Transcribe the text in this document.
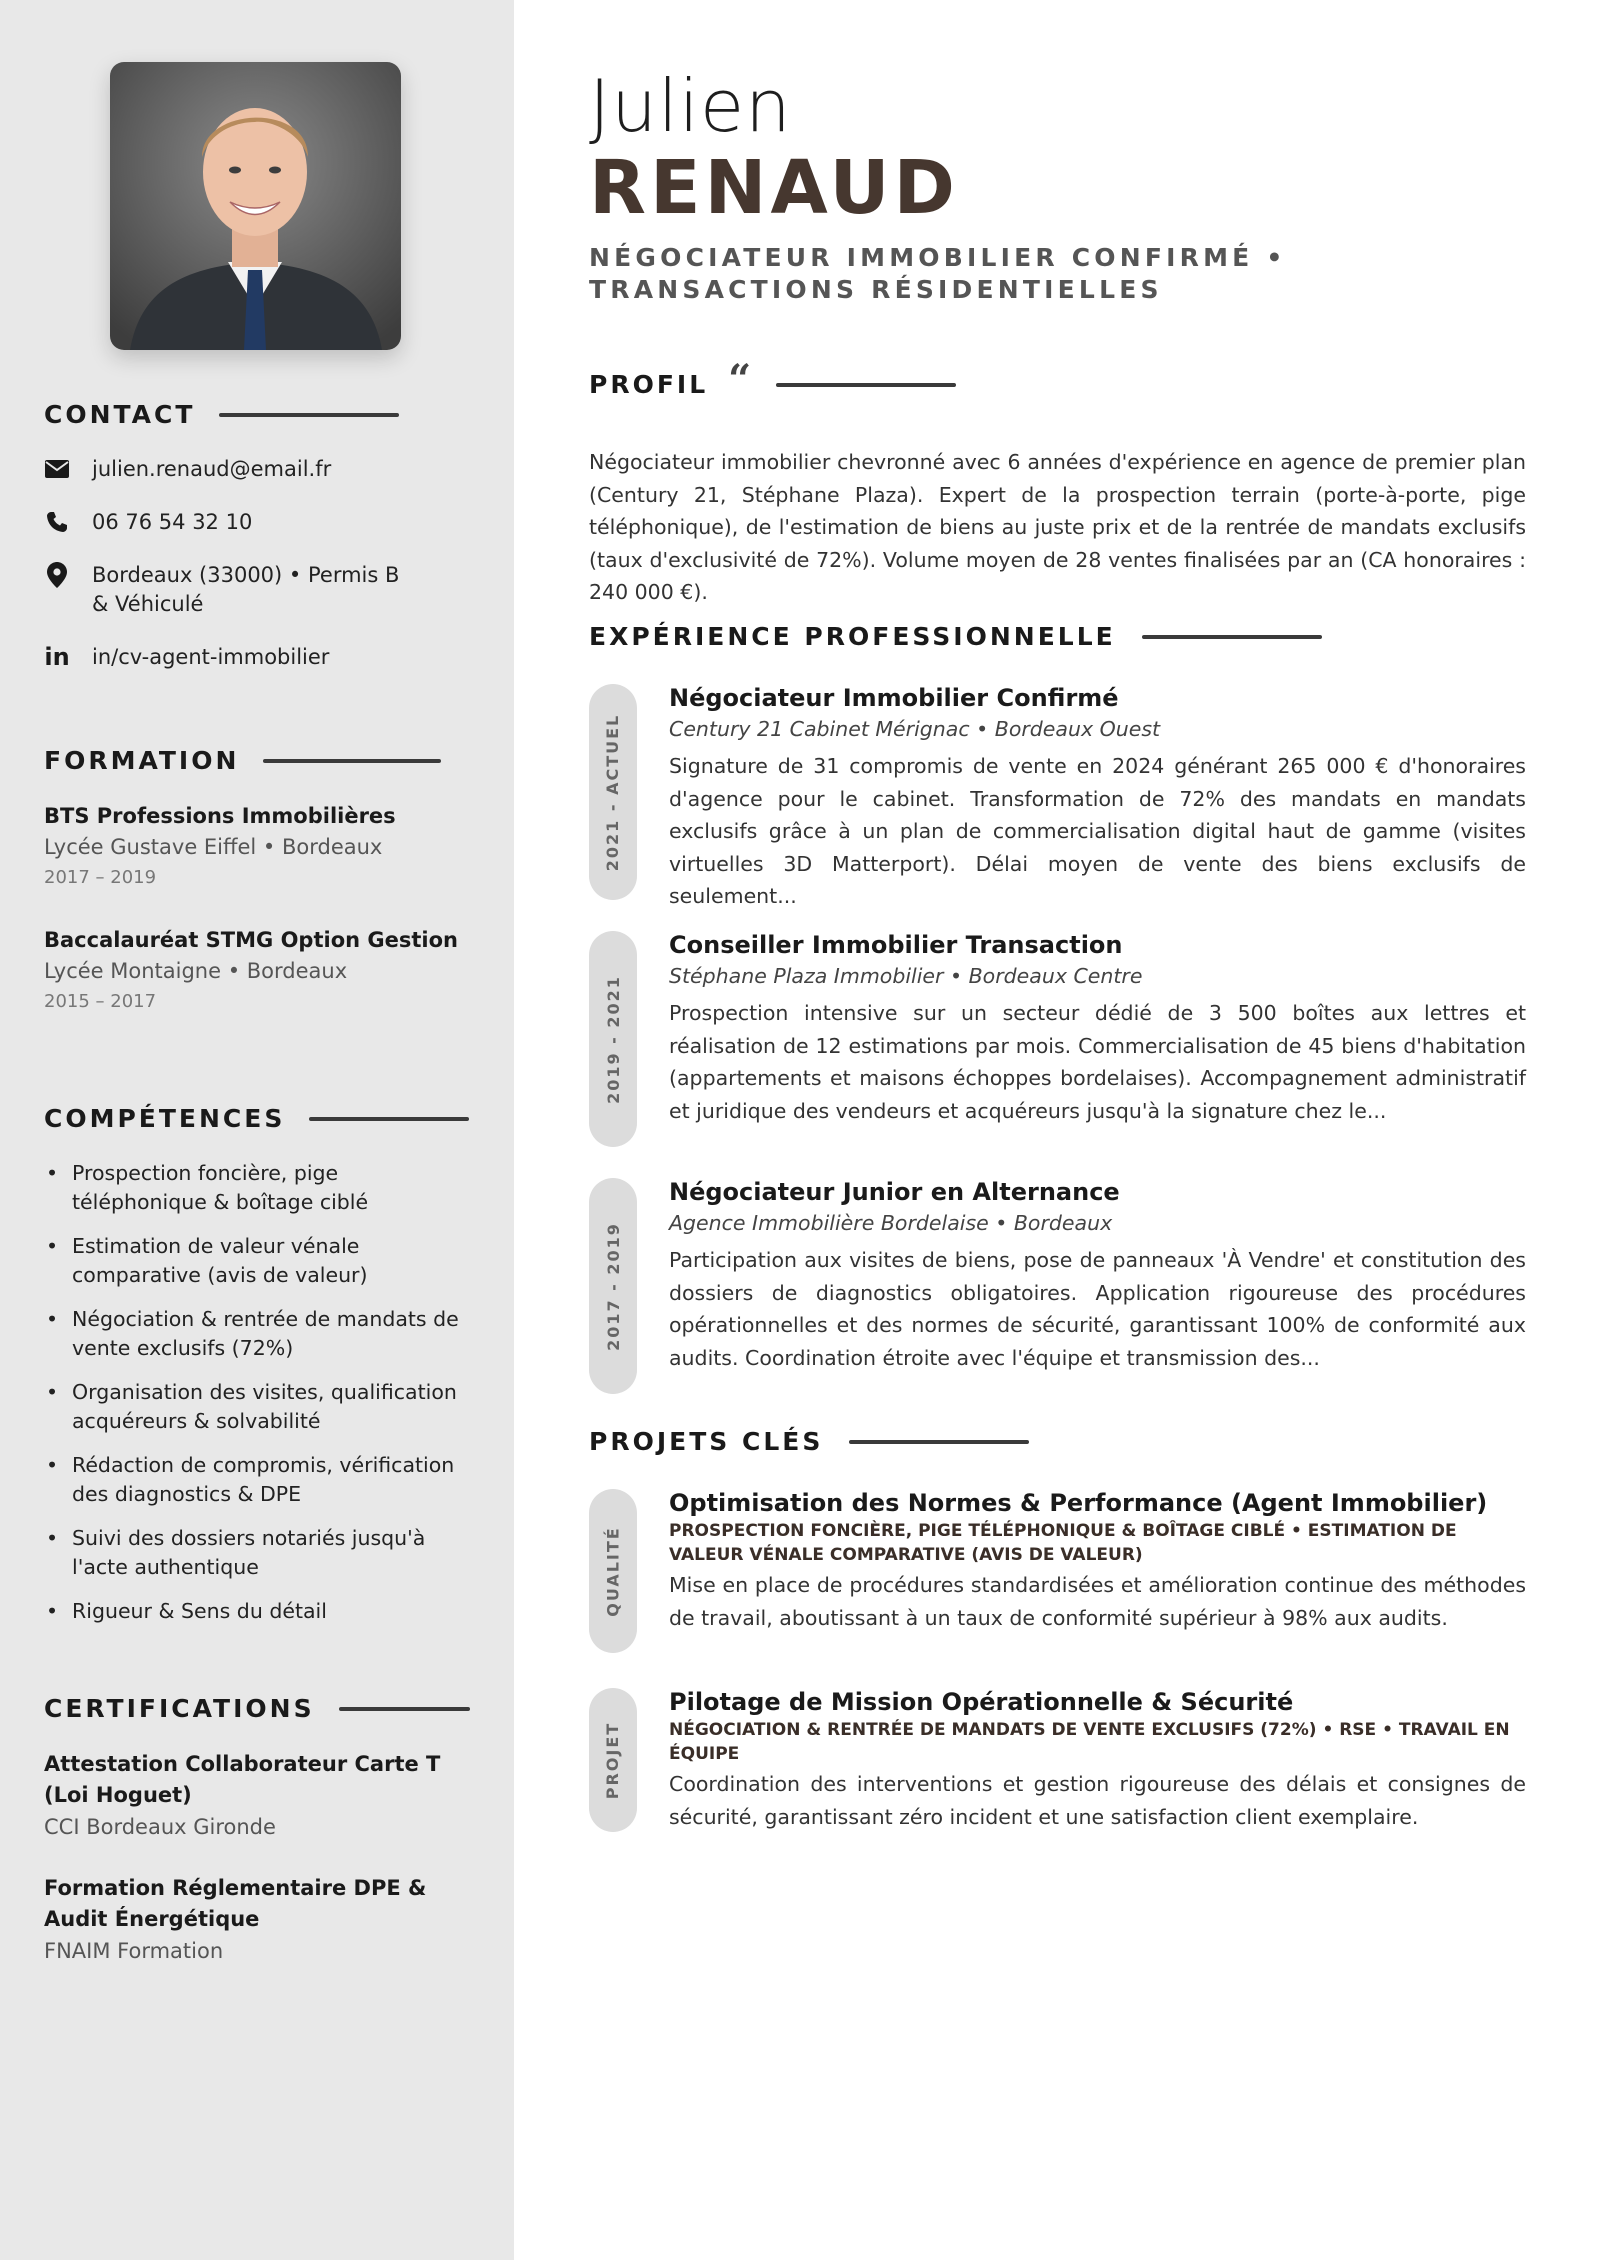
CONTACT
julien.renaud@email.fr
06 76 54 32 10
Bordeaux (33000) • Permis B & Véhiculé
in in/cv-agent-immobilier
FORMATION
BTS Professions Immobilières
Lycée Gustave Eiffel • Bordeaux
2017 – 2019
Baccalauréat STMG Option Gestion
Lycée Montaigne • Bordeaux
2015 – 2017
COMPÉTENCES
• Prospection foncière, pige téléphonique & boîtage ciblé
• Estimation de valeur vénale comparative (avis de valeur)
• Négociation & rentrée de mandats de vente exclusifs (72%)
• Organisation des visites, qualification acquéreurs & solvabilité
• Rédaction de compromis, vérification des diagnostics & DPE
• Suivi des dossiers notariés jusqu'à l'acte authentique
• Rigueur & Sens du détail
CERTIFICATIONS
Attestation Collaborateur Carte T (Loi Hoguet)
CCI Bordeaux Gironde
Formation Réglementaire DPE & Audit Énergétique
FNAIM Formation
Julien
RENAUD
NÉGOCIATEUR IMMOBILIER CONFIRMÉ •
TRANSACTIONS RÉSIDENTIELLES
PROFIL “
Négociateur immobilier chevronné avec 6 années d'expérience en agence de premier plan (Century 21, Stéphane Plaza). Expert de la prospection terrain (porte-à-porte, pige téléphonique), de l'estimation de biens au juste prix et de la rentrée de mandats exclusifs (taux d'exclusivité de 72%). Volume moyen de 28 ventes finalisées par an (CA honoraires : 240 000 €).
EXPÉRIENCE PROFESSIONNELLE
2021 - ACTUEL
Négociateur Immobilier Confirmé
Century 21 Cabinet Mérignac • Bordeaux Ouest
Signature de 31 compromis de vente en 2024 générant 265 000 € d'honoraires d'agence pour le cabinet. Transformation de 72% des mandats en mandats exclusifs grâce à un plan de commercialisation digital haut de gamme (visites virtuelles 3D Matterport). Délai moyen de vente des biens exclusifs de seulement...
2019 - 2021
Conseiller Immobilier Transaction
Stéphane Plaza Immobilier • Bordeaux Centre
Prospection intensive sur un secteur dédié de 3 500 boîtes aux lettres et réalisation de 12 estimations par mois. Commercialisation de 45 biens d'habitation (appartements et maisons échoppes bordelaises). Accompagnement administratif et juridique des vendeurs et acquéreurs jusqu'à la signature chez le...
2017 - 2019
Négociateur Junior en Alternance
Agence Immobilière Bordelaise • Bordeaux
Participation aux visites de biens, pose de panneaux 'À Vendre' et constitution des dossiers de diagnostics obligatoires. Application rigoureuse des procédures opérationnelles et des normes de sécurité, garantissant 100% de conformité aux audits. Coordination étroite avec l'équipe et transmission des...
PROJETS CLÉS
QUALITÉ
Optimisation des Normes & Performance (Agent Immobilier)
PROSPECTION FONCIÈRE, PIGE TÉLÉPHONIQUE & BOÎTAGE CIBLÉ • ESTIMATION DE VALEUR VÉNALE COMPARATIVE (AVIS DE VALEUR)
Mise en place de procédures standardisées et amélioration continue des méthodes de travail, aboutissant à un taux de conformité supérieur à 98% aux audits.
PROJET
Pilotage de Mission Opérationnelle & Sécurité
NÉGOCIATION & RENTRÉE DE MANDATS DE VENTE EXCLUSIFS (72%) • RSE • TRAVAIL EN ÉQUIPE
Coordination des interventions et gestion rigoureuse des délais et consignes de sécurité, garantissant zéro incident et une satisfaction client exemplaire.
